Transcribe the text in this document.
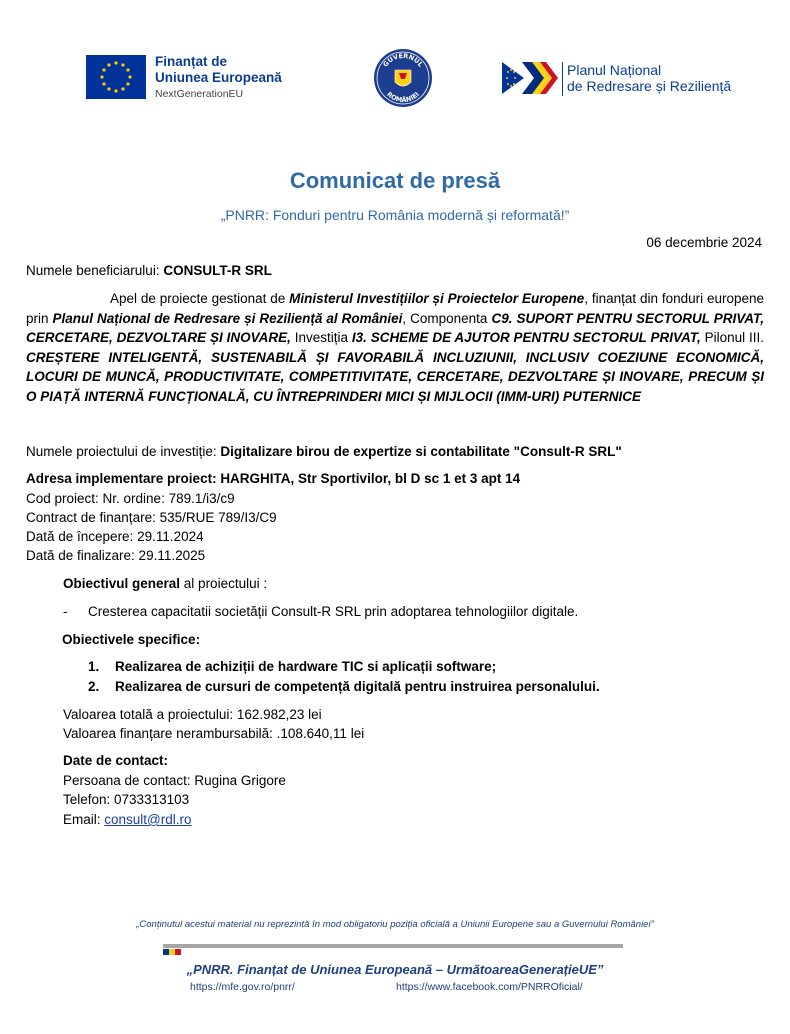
Finanțat de
Uniunea Europeană
NextGenerationEU
GUVERNUL
ROMÂNIEI
Planul Național
de Redresare și Reziliență
Comunicat de presă
„PNRR: Fonduri pentru România modernă și reformată!”
06 decembrie 2024
Numele beneficiarului: CONSULT-R SRL
Apel de proiecte gestionat de Ministerul Investițiilor și Proiectelor Europene, finanțat din fonduri europene prin Planul Național de Redresare și Reziliență al României, Componenta C9. SUPORT PENTRU SECTORUL PRIVAT, CERCETARE, DEZVOLTARE ȘI INOVARE, Investiția I3. SCHEME DE AJUTOR PENTRU SECTORUL PRIVAT, Pilonul III. CREȘTERE INTELIGENTĂ, SUSTENABILĂ ȘI FAVORABILĂ INCLUZIUNII, INCLUSIV COEZIUNE ECONOMICĂ, LOCURI DE MUNCĂ, PRODUCTIVITATE, COMPETITIVITATE, CERCETARE, DEZVOLTARE ȘI INOVARE, PRECUM ȘI O PIAȚĂ INTERNĂ FUNCȚIONALĂ, CU ÎNTREPRINDERI MICI ȘI MIJLOCII (IMM-URI) PUTERNICE
Numele proiectului de investiție: Digitalizare birou de expertize si contabilitate "Consult-R SRL"
Adresa implementare proiect: HARGHITA, Str Sportivilor, bl D sc 1 et 3 apt 14
Cod proiect: Nr. ordine: 789.1/i3/c9
Contract de finanțare: 535/RUE 789/I3/C9
Dată de începere: 29.11.2024
Dată de finalizare: 29.11.2025
Obiectivul general al proiectului :
- Cresterea capacitatii societății Consult-R SRL prin adoptarea tehnologiilor digitale.
Obiectivele specifice:
1. Realizarea de achiziții de hardware TIC si aplicații software;
2. Realizarea de cursuri de competență digitală pentru instruirea personalului.
Valoarea totală a proiectului: 162.982,23 lei
Valoarea finanțare nerambursabilă: .108.640,11 lei
Date de contact:
Persoana de contact: Rugina Grigore
Telefon: 0733313103
Email: consult@rdl.ro
„Conținutul acestui material nu reprezintă în mod obligatoriu poziția oficială a Uniunii Europene sau a Guvernului României”
„PNRR. Finanțat de Uniunea Europeană – UrmătoareaGenerațieUE”
https://mfe.gov.ro/pnrr/	https://www.facebook.com/PNRROficial/
